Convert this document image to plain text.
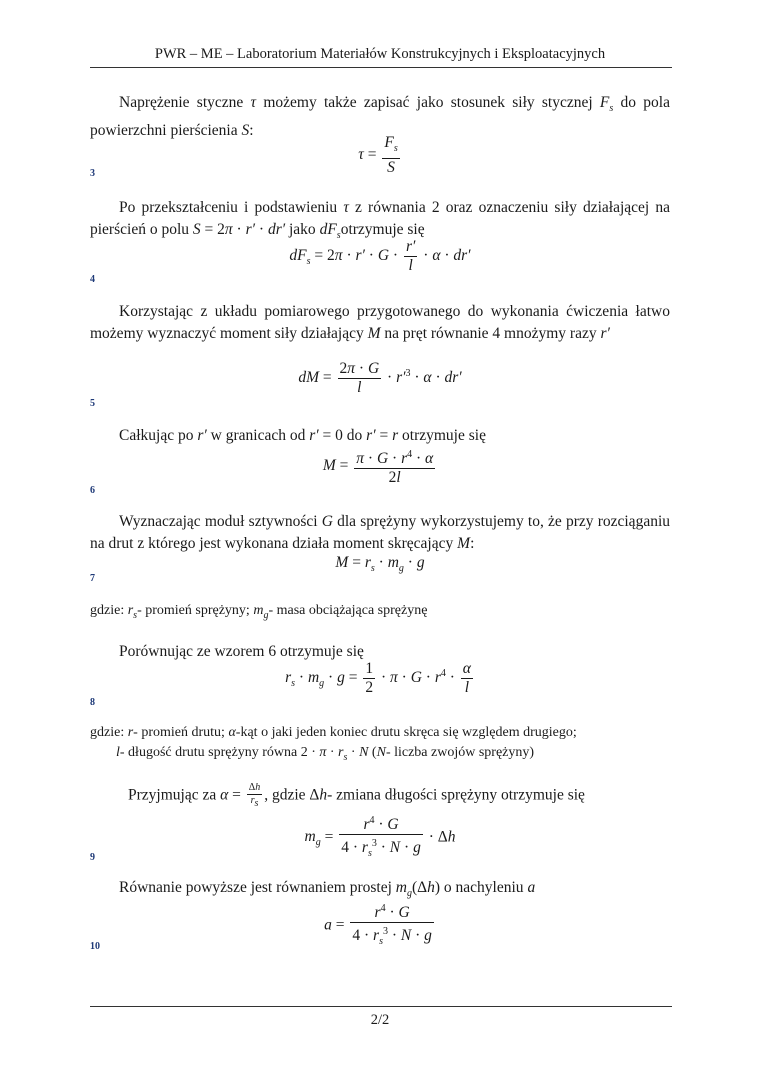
PWR – ME – Laboratorium Materiałów Konstrukcyjnych i Eksploatacyjnych
Naprężenie styczne τ możemy także zapisać jako stosunek siły stycznej $F_s$ do pola powierzchni pierścienia S:
$\tau = \frac{F_s}{S}$
3
Po przekształceniu i podstawieniu τ z równania 2 oraz oznaczeniu siły działającej na pierścień o polu S = 2π · r′ · dr′ jako $dF_sotrzymuje$ się
$dF_s = 2\pi \cdot r' \cdot G \cdot \frac{r'}{l} \cdot \alpha \cdot dr'$
4
Korzystając z układu pomiarowego przygotowanego do wykonania ćwiczenia łatwo możemy wyznaczyć moment siły działający M na pręt równanie 4 mnożymy razy r′
dM = $\frac{2\pi \cdot G}{l} \cdot r'^3 \cdot \alpha \cdot dr'$
5
Całkując po r′ w granicach od r′ = 0 do r′ = r otrzymuje się
$M = \frac{\pi \cdot G \cdot r^4 \cdot \alpha}{2l}$
6
Wyznaczając moduł sztywności G dla sprężyny wykorzystujemy to, że przy rozciąganiu na drut z którego jest wykonana działa moment skręcający M:
$M = r_s \cdot m_g \cdot g$
7
gdzie: $r_s-$ promień sprężyny; $m_g-$ masa obciążająca sprężynę
Porównując ze wzorem 6 otrzymuje się
$r_s \cdot m_g \cdot g = \frac{1}{2} \cdot \pi \cdot G \cdot r^4 \cdot \frac{\alpha}{l}$
8
gdzie: r- promień drutu; α-kąt o jaki jeden koniec drutu skręca się względem drugiego;
l- długość drutu sprężyny równa $2 \cdot \pi \cdot r_s \cdot N$ (N- liczba zwojów sprężyny)
Przyjmując za $\alpha = \frac{\Delta h}{r_s}$ , gdzie Δh- zmiana długości sprężyny otrzymuje się
$m_g = \frac{r^4 \cdot G}{4 \cdot r_s^3 \cdot N \cdot g} \cdot \Delta h$
9
Równanie powyższe jest równaniem prostej $m_g(\Delta h)$ o nachyleniu a
$a = \frac{r^4 \cdot G}{4 \cdot r_s^3 \cdot N \cdot g}$
10
2/2
